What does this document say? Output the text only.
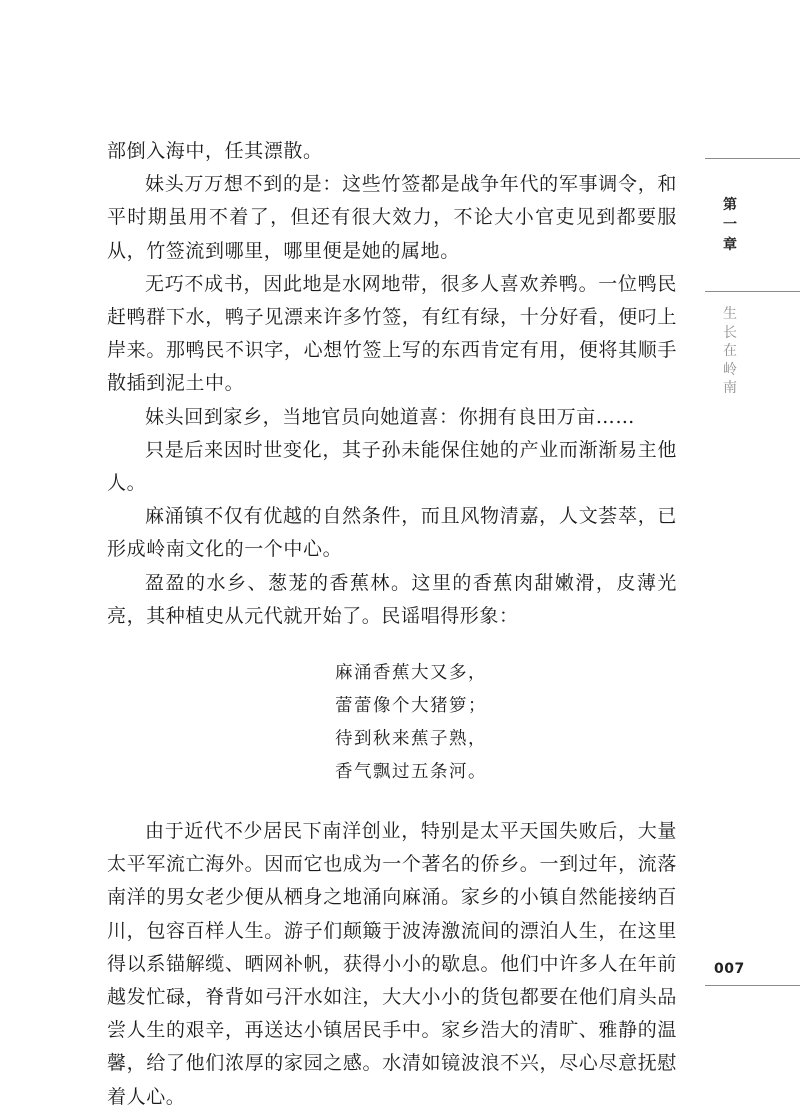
部倒入海中，任其漂散。

妹头万万想不到的是：这些竹签都是战争年代的军事调令，和平时期虽用不着了，但还有很大效力，不论大小官吏见到都要服从，竹签流到哪里，哪里便是她的属地。

无巧不成书，因此地是水网地带，很多人喜欢养鸭。一位鸭民赶鸭群下水，鸭子见漂来许多竹签，有红有绿，十分好看，便叼上岸来。那鸭民不识字，心想竹签上写的东西肯定有用，便将其顺手散插到泥土中。

妹头回到家乡，当地官员向她道喜：你拥有良田万亩……

只是后来因时世变化，其子孙未能保住她的产业而渐渐易主他人。

麻涌镇不仅有优越的自然条件，而且风物清嘉，人文荟萃，已形成岭南文化的一个中心。

盈盈的水乡、葱茏的香蕉林。这里的香蕉肉甜嫩滑，皮薄光亮，其种植史从元代就开始了。民谣唱得形象：

麻涌香蕉大又多，
蕾蕾像个大猪箩；
待到秋来蕉子熟，
香气飘过五条河。

由于近代不少居民下南洋创业，特别是太平天国失败后，大量太平军流亡海外。因而它也成为一个著名的侨乡。一到过年，流落南洋的男女老少便从栖身之地涌向麻涌。家乡的小镇自然能接纳百川，包容百样人生。游子们颠簸于波涛激流间的漂泊人生，在这里得以系锚解缆、晒网补帆，获得小小的歇息。他们中许多人在年前越发忙碌，脊背如弓汗水如注，大大小小的货包都要在他们肩头品尝人生的艰辛，再送达小镇居民手中。家乡浩大的清旷、雅静的温馨，给了他们浓厚的家园之感。水清如镜波浪不兴，尽心尽意抚慰着人心。

第
一
章
生
长
在
岭
南
007
